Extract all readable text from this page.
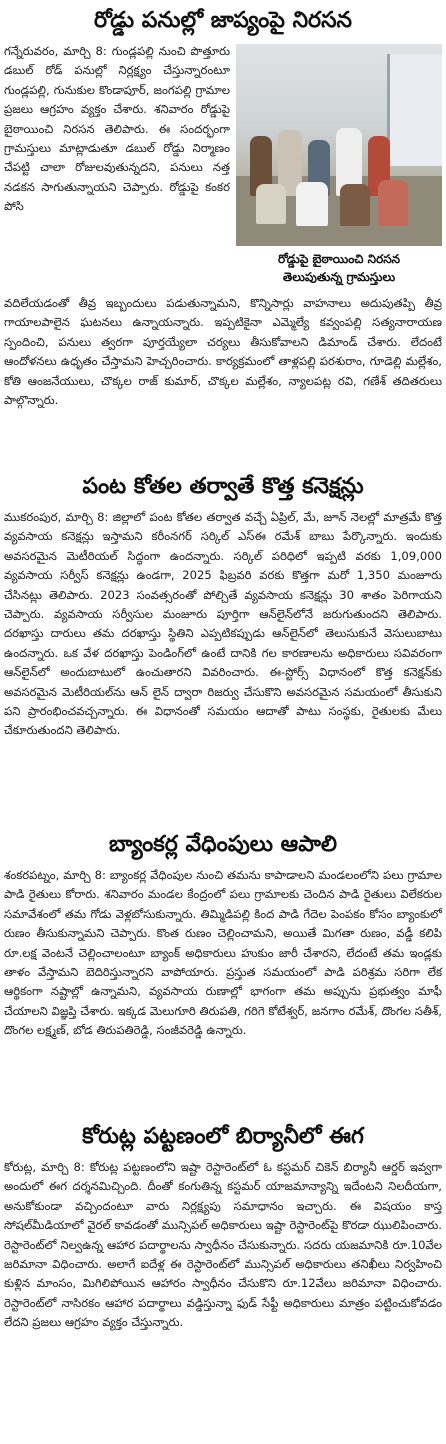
రోడ్డు పనుల్లో జాప్యంపై నిరసన

గన్నేరువరం, మార్చి 8: గుండ్లపల్లి నుంచి పొత్తూరు డబుల్ రోడ్ పనుల్లో నిర్లక్ష్యం చేస్తున్నారంటూ గుండ్లపల్లి, గునుకుల కొండాపూర్, జంగపల్లి గ్రామాల ప్రజలు ఆగ్రహం వ్యక్తం చేశారు. శనివారం రోడ్డుపై బైఠాయించి నిరసన తెలిపారు. ఈ సందర్భంగా గ్రామస్తులు మాట్లాడుతూ డబుల్ రోడ్డు నిర్మాణం చేపట్టి చాలా రోజులవుతున్నదని, పనులు నత్త నడకన సాగుతున్నాయని చెప్పారు. రోడ్డుపై కంకర పోసి

రోడ్డుపై బైఠాయించి నిరసన
తెలుపుతున్న గ్రామస్తులు

వదిలేయడంతో తీవ్ర ఇబ్బందులు పడుతున్నామని, కొన్నిసార్లు వాహనాలు అదుపుతప్పి తీవ్ర గాయాలపాలైన ఘటనలు ఉన్నాయన్నారు. ఇప్పటికైనా ఎమ్మెల్యే కవ్వంపల్లి సత్యనారాయణ స్పందించి, పనులు త్వరగా పూర్తయ్యేలా చర్యలు తీసుకోవాలని డిమాండ్ చేశారు. లేదంటే ఆందోళనలు ఉధృతం చేస్తామని హెచ్చరించారు. కార్యక్రమంలో తాళ్లపల్లి పరశురాం, గూడెల్లి మల్లేశం, కోతి ఆంజనేయులు, చొక్కల రాజ్ కుమార్, చొక్కల మల్లేశం, న్యాలపట్ల రవి, గణేశ్ తదితరులు పాల్గొన్నారు.

పంట కోతల తర్వాతే కొత్త కనెక్షన్లు

ముకరంపుర, మార్చి 8: జిల్లాలో పంట కోతల తర్వాత వచ్చే ఏప్రిల్, మే, జూన్ నెలల్లో మాత్రమే కొత్త వ్యవసాయ కనెక్షన్లు ఇస్తామని కరీంనగర్ సర్కిల్ ఎస్ఈ రమేశ్ బాబు పేర్కొన్నారు. ఇందుకు అవసరమైన మెటీరియల్ సిద్ధంగా ఉందన్నారు. సర్కిల్ పరిధిలో ఇప్పటి వరకు 1,09,000 వ్యవసాయ సర్వీస్ కనెక్షన్లు ఉండగా, 2025 ఫిబ్రవరి వరకు కొత్తగా మరో 1,350 మంజూరు చేసినట్లు తెలిపారు. 2023 సంవత్సరంతో పోల్చితే వ్యవసాయ కనెక్షన్లు 30 శాతం పెరిగాయని చెప్పారు. వ్యవసాయ సర్వీసుల మంజూరు పూర్తిగా ఆన్‌లైన్‌లోనే జరుగుతుందని తెలిపారు. దరఖాస్తు దారులు తమ దరఖాస్తు స్థితిని ఎప్పటికప్పుడు ఆన్‌లైన్‌లో తెలుసుకునే వెసులుబాటు ఉందన్నారు. ఒక వేళ దరఖాస్తు పెండింగ్‌లో ఉంటే దానికి గల కారణాలను అధికారులు సవివరంగా ఆన్‌లైన్‌లో అందుబాటులో ఉంచుతారని వివరించారు. ఈ-స్టోర్స్ విధానంలో కొత్త కనెక్షన్‌కు అవసరమైన మెటీరియల్‌ను ఆన్ లైన్ ద్వారా రిజర్వు చేసుకొని అవసరమైన సమయంలో తీసుకుని పని ప్రారంభించవచ్చన్నారు. ఈ విధానంతో సమయం ఆదాతో పాటు సంస్థకు, రైతులకు మేలు చేకూరుతుందని తెలిపారు.

బ్యాంకర్ల వేధింపులు ఆపాలి

శంకరపట్నం, మార్చి 8: బ్యాంకర్ల వేధింపుల నుంచి తమను కాపాడాలని మండలంలోని పలు గ్రామాల పాడి రైతులు కోరారు. శనివారం మండల కేంద్రంలో పలు గ్రామాలకు చెందిన పాడి రైతులు విలేకరుల సమావేశంలో తమ గోడు వెళ్లబోసుకున్నారు. తిమ్మిడిపల్లి కింద పాడి గేదెల పెంపకం కోసం బ్యాంకులో రుణం తీసుకున్నామని చెప్పారు. కొంత రుణం చెల్లించామని, అయితే మిగతా రుణం, వడ్డీ కలిపి రూ.లక్ష వెంటనే చెల్లించాలంటూ బ్యాంక్ అధికారులు హుకుం జారీ చేశారని, లేదంటే తమ ఇండ్లకు తాళం వేస్తామని బెదిరిస్తున్నారని వాపోయారు. ప్రస్తుత సమయంలో పాడి పరిశ్రమ సరిగా లేక ఆర్థికంగా నష్టాల్లో ఉన్నామని, వ్యవసాయ రుణాల్లో భాగంగా తమ అప్పును ప్రభుత్వం మాఫీ చేయాలని విజ్ఞప్తి చేశారు. ఇక్కడ మెలుగూరి తిరుపతి, గరిగె కోటేశ్వర్, జనగాం రమేశ్, దొంగల సతీశ్, దొంగల లక్ష్మణ్, బోడ తిరుపతిరెడ్డి, సంజీవరెడ్డి ఉన్నారు.

కోరుట్ల పట్టణంలో బిర్యానీలో ఈగ

కోరుట్ల, మార్చి 8: కోరుట్ల పట్టణంలోని ఇష్టా రెస్టారెంట్‌లో ఓ కస్టమర్ చికెన్ బిర్యానీ ఆర్డర్ ఇవ్వగా అందులో ఈగ దర్శనమిచ్చింది. దీంతో కంగుతిన్న కస్టమర్ యాజమాన్యాన్ని ఇదేంటని నిలదీయగా, అనుకోకుండా వచ్చిందంటూ వారు నిర్లక్ష్యపు సమాధానం ఇచ్చారు. ఈ విషయం కాస్త సోషల్‌మీడియాలో వైరల్ కావడంతో మున్సిపల్ అధికారులు ఇష్టా రెస్టారెంట్‌పై కొరడా ఝులిపించారు. రెస్టారెంట్‌లో నిల్వఉన్న ఆహార పదార్థాలను స్వాధీనం చేసుకున్నారు. సదరు యజమానికి రూ.10వేల జరిమానా విధించారు. అలాగే ఐదేళ్ల ఈ రెస్టారెంట్‌లో మున్సిపల్ అధికారులు తనిఖీలు నిర్వహించి కుళ్లిన మాంసం, మిగిలిపోయిన ఆహారం స్వాధీనం చేసుకొని రూ.12వేలు జరిమానా విధించారు. రెస్టారెంట్‌లో నాసిరకం ఆహార పదార్థాలు వడ్డిస్తున్నా ఫుడ్ సేఫ్టీ అధికారులు మాత్రం పట్టించుకోవడం లేదని ప్రజలు ఆగ్రహం వ్యక్తం చేస్తున్నారు.
